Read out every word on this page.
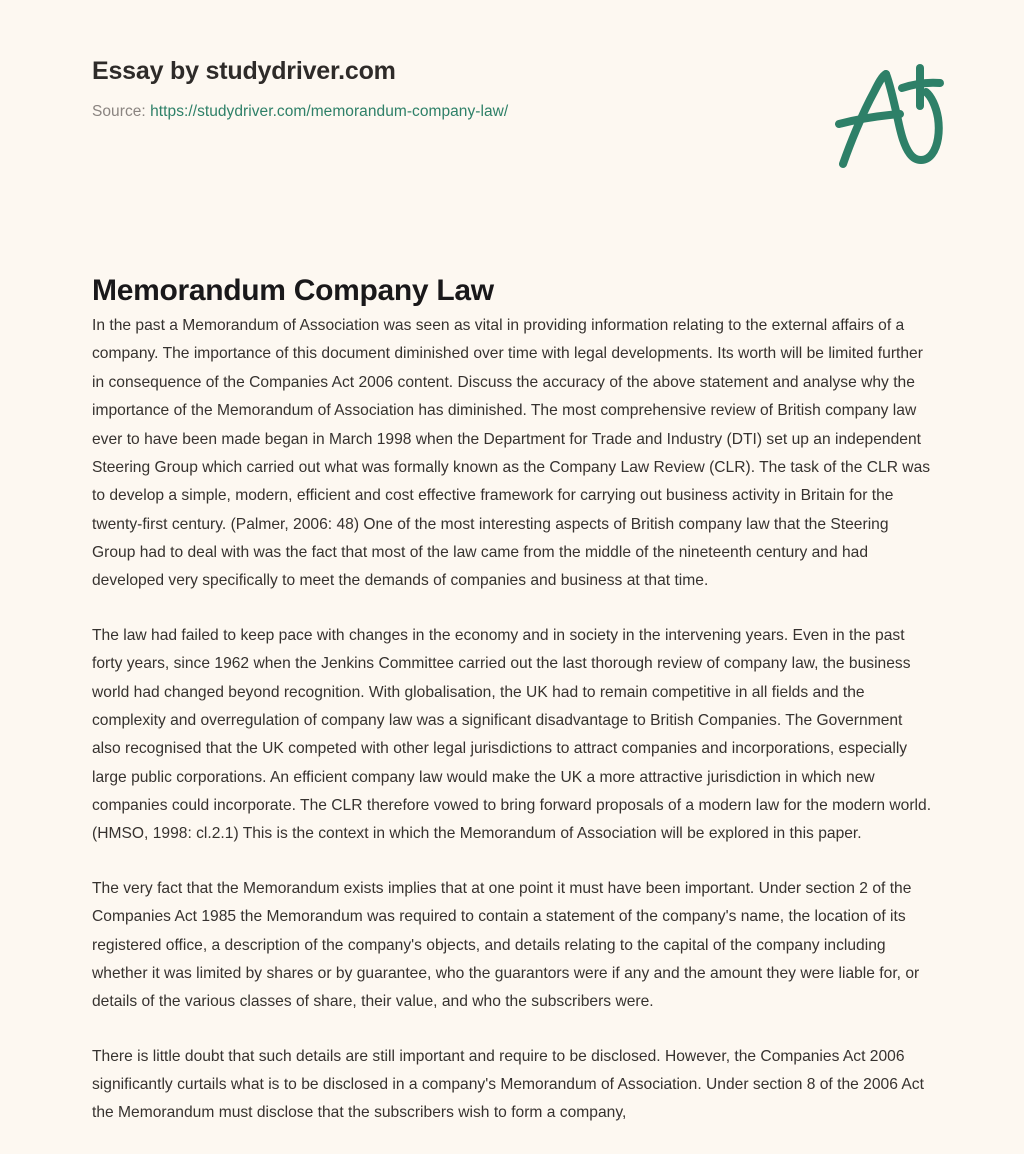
Essay by studydriver.com
Source: https://studydriver.com/memorandum-company-law/
Memorandum Company Law

In the past a Memorandum of Association was seen as vital in providing information relating to the external affairs of a company. The importance of this document diminished over time with legal developments. Its worth will be limited further in consequence of the Companies Act 2006 content. Discuss the accuracy of the above statement and analyse why the importance of the Memorandum of Association has diminished. The most comprehensive review of British company law ever to have been made began in March 1998 when the Department for Trade and Industry (DTI) set up an independent Steering Group which carried out what was formally known as the Company Law Review (CLR). The task of the CLR was to develop a simple, modern, efficient and cost effective framework for carrying out business activity in Britain for the twenty-first century. (Palmer, 2006: 48) One of the most interesting aspects of British company law that the Steering Group had to deal with was the fact that most of the law came from the middle of the nineteenth century and had developed very specifically to meet the demands of companies and business at that time.

The law had failed to keep pace with changes in the economy and in society in the intervening years. Even in the past forty years, since 1962 when the Jenkins Committee carried out the last thorough review of company law, the business world had changed beyond recognition. With globalisation, the UK had to remain competitive in all fields and the complexity and overregulation of company law was a significant disadvantage to British Companies. The Government also recognised that the UK competed with other legal jurisdictions to attract companies and incorporations, especially large public corporations. An efficient company law would make the UK a more attractive jurisdiction in which new companies could incorporate. The CLR therefore vowed to bring forward proposals of a modern law for the modern world. (HMSO, 1998: cl.2.1) This is the context in which the Memorandum of Association will be explored in this paper.

The very fact that the Memorandum exists implies that at one point it must have been important. Under section 2 of the Companies Act 1985 the Memorandum was required to contain a statement of the company's name, the location of its registered office, a description of the company's objects, and details relating to the capital of the company including whether it was limited by shares or by guarantee, who the guarantors were if any and the amount they were liable for, or details of the various classes of share, their value, and who the subscribers were.

There is little doubt that such details are still important and require to be disclosed. However, the Companies Act 2006 significantly curtails what is to be disclosed in a company's Memorandum of Association. Under section 8 of the 2006 Act the Memorandum must disclose that the subscribers wish to form a company,
